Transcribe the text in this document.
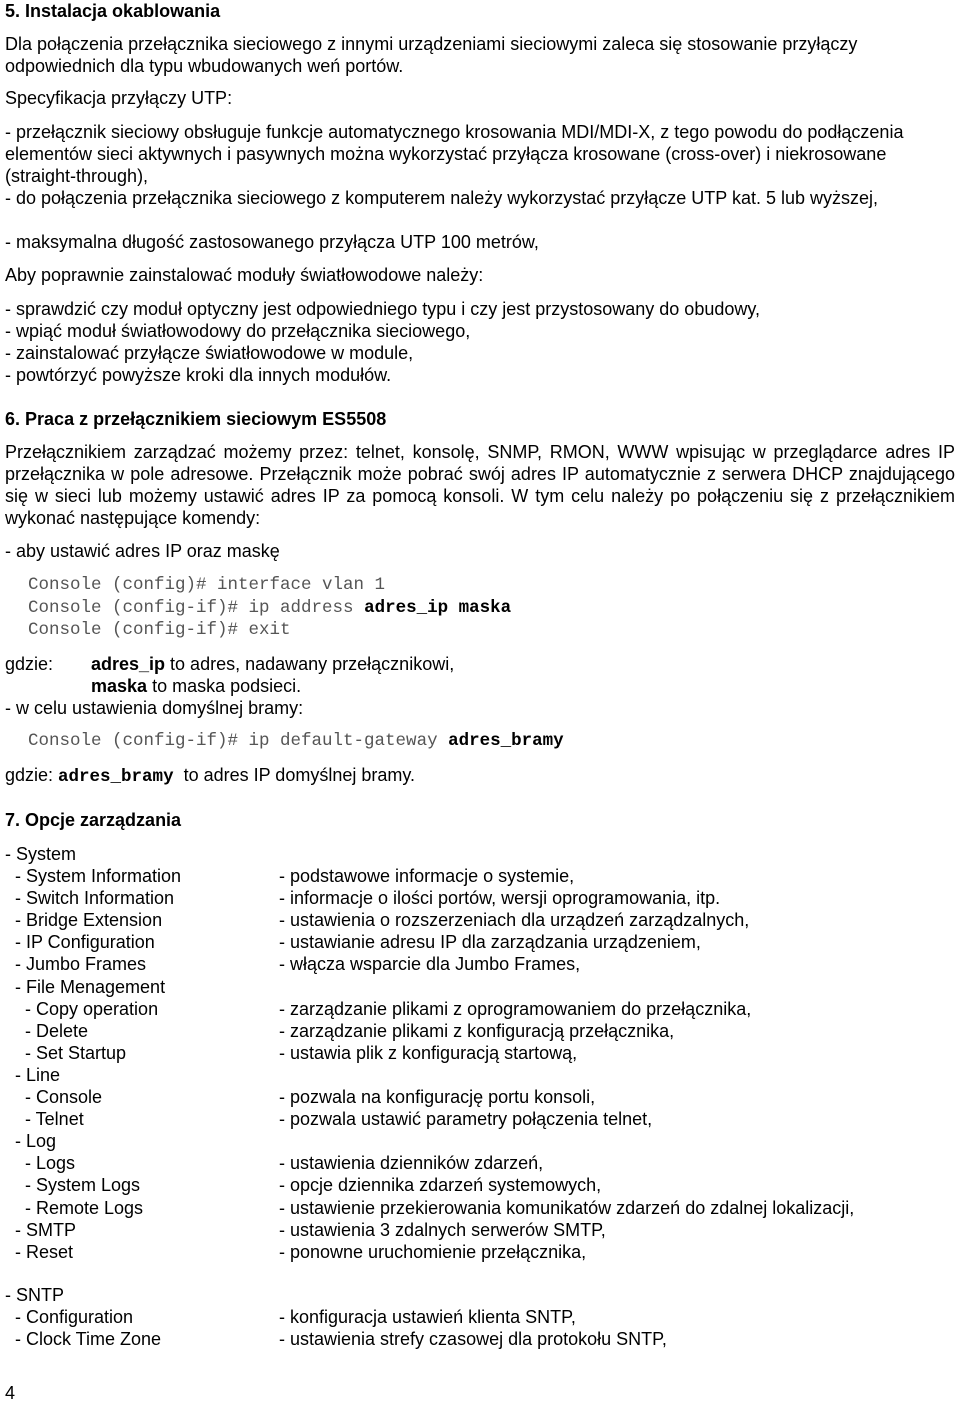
5. Instalacja okablowania
Dla połączenia przełącznika sieciowego z innymi urządzeniami sieciowymi zaleca się stosowanie przyłączy odpowiednich dla typu wbudowanych weń portów.
Specyfikacja przyłączy UTP:
- przełącznik sieciowy obsługuje funkcje automatycznego krosowania MDI/MDI-X, z tego powodu do podłączenia elementów sieci aktywnych i pasywnych można wykorzystać przyłącza krosowane (cross-over) i niekrosowane (straight-through),
- do połączenia przełącznika sieciowego z komputerem należy wykorzystać przyłącze UTP kat. 5 lub wyższej,
- maksymalna długość zastosowanego przyłącza UTP 100 metrów,
Aby poprawnie zainstalować moduły światłowodowe należy:
- sprawdzić czy moduł optyczny jest odpowiedniego typu i czy jest przystosowany do obudowy,
- wpiąć moduł światłowodowy do przełącznika sieciowego,
- zainstalować przyłącze światłowodowe w module,
- powtórzyć powyższe kroki dla innych modułów.
6. Praca z przełącznikiem sieciowym ES5508
Przełącznikiem zarządzać możemy przez: telnet, konsolę, SNMP, RMON, WWW wpisując w przeglądarce adres IP przełącznika w pole adresowe. Przełącznik może pobrać swój adres IP automatycznie z serwera DHCP znajdującego się w sieci lub możemy ustawić adres IP za pomocą konsoli. W tym celu należy po połączeniu się z przełącznikiem wykonać następujące komendy:
- aby ustawić adres IP oraz maskę
Console (config)# interface vlan 1
Console (config-if)# ip address adres_ip maska
Console (config-if)# exit
gdzie: adres_ip to adres, nadawany przełącznikowi,
maska to maska podsieci.
- w celu ustawienia domyślnej bramy:
Console (config-if)# ip default-gateway adres_bramy
gdzie: adres_bramy  to adres IP domyślnej bramy.
7. Opcje zarządzania
- System
- System Information	- podstawowe informacje o systemie,
- Switch Information	- informacje o ilości portów, wersji oprogramowania, itp.
- Bridge Extension	- ustawienia o rozszerzeniach dla urządzeń zarządzalnych,
- IP Configuration	- ustawianie adresu IP dla zarządzania urządzeniem,
- Jumbo Frames	- włącza wsparcie dla Jumbo Frames,
- File Menagement
- Copy operation	- zarządzanie plikami z oprogramowaniem do przełącznika,
- Delete	- zarządzanie plikami z konfiguracją przełącznika,
- Set Startup	- ustawia plik z konfiguracją startową,
- Line
- Console	- pozwala na konfigurację portu konsoli,
- Telnet	- pozwala ustawić parametry połączenia telnet,
- Log
- Logs	- ustawienia dzienników zdarzeń,
- System Logs	- opcje dziennika zdarzeń systemowych,
- Remote Logs	- ustawienie przekierowania komunikatów zdarzeń do zdalnej lokalizacji,
- SMTP	- ustawienia 3 zdalnych serwerów SMTP,
- Reset	- ponowne uruchomienie przełącznika,
- SNTP
- Configuration	- konfiguracja ustawień klienta SNTP,
- Clock Time Zone	- ustawienia strefy czasowej dla protokołu SNTP,
4
